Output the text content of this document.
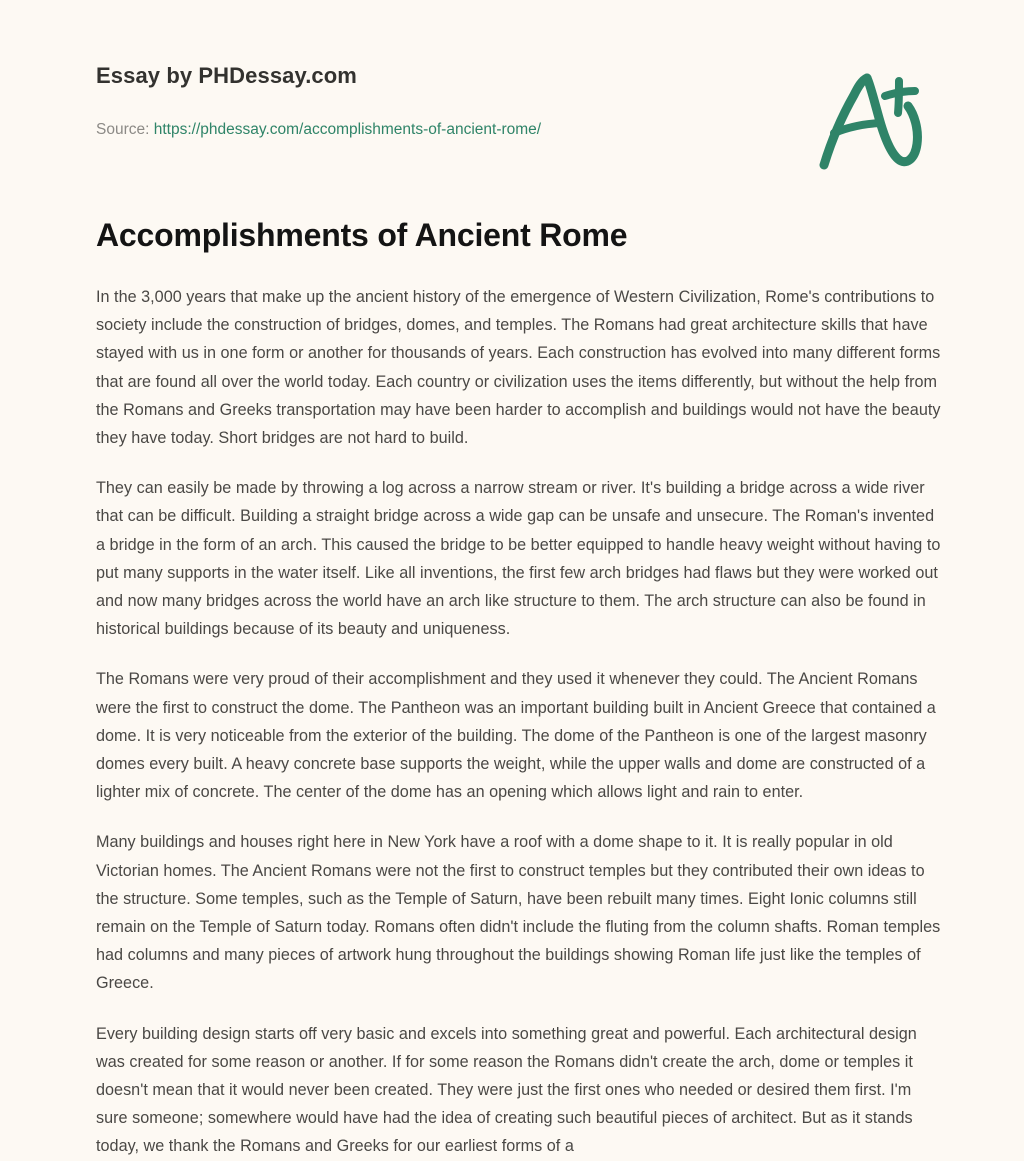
Essay by PHDessay.com
Source: https://phdessay.com/accomplishments-of-ancient-rome/
Accomplishments of Ancient Rome

In the 3,000 years that make up the ancient history of the emergence of Western Civilization, Rome's contributions to society include the construction of bridges, domes, and temples. The Romans had great architecture skills that have stayed with us in one form or another for thousands of years. Each construction has evolved into many different forms that are found all over the world today. Each country or civilization uses the items differently, but without the help from the Romans and Greeks transportation may have been harder to accomplish and buildings would not have the beauty they have today. Short bridges are not hard to build.

They can easily be made by throwing a log across a narrow stream or river. It's building a bridge across a wide river that can be difficult. Building a straight bridge across a wide gap can be unsafe and unsecure. The Roman's invented a bridge in the form of an arch. This caused the bridge to be better equipped to handle heavy weight without having to put many supports in the water itself. Like all inventions, the first few arch bridges had flaws but they were worked out and now many bridges across the world have an arch like structure to them. The arch structure can also be found in historical buildings because of its beauty and uniqueness.

The Romans were very proud of their accomplishment and they used it whenever they could. The Ancient Romans were the first to construct the dome. The Pantheon was an important building built in Ancient Greece that contained a dome. It is very noticeable from the exterior of the building. The dome of the Pantheon is one of the largest masonry domes every built. A heavy concrete base supports the weight, while the upper walls and dome are constructed of a lighter mix of concrete. The center of the dome has an opening which allows light and rain to enter.

Many buildings and houses right here in New York have a roof with a dome shape to it. It is really popular in old Victorian homes. The Ancient Romans were not the first to construct temples but they contributed their own ideas to the structure. Some temples, such as the Temple of Saturn, have been rebuilt many times. Eight Ionic columns still remain on the Temple of Saturn today. Romans often didn't include the fluting from the column shafts. Roman temples had columns and many pieces of artwork hung throughout the buildings showing Roman life just like the temples of Greece.

Every building design starts off very basic and excels into something great and powerful. Each architectural design was created for some reason or another. If for some reason the Romans didn't create the arch, dome or temples it doesn't mean that it would never been created. They were just the first ones who needed or desired them first. I'm sure someone; somewhere would have had the idea of creating such beautiful pieces of architect. But as it stands today, we thank the Romans and Greeks for our earliest forms of a
